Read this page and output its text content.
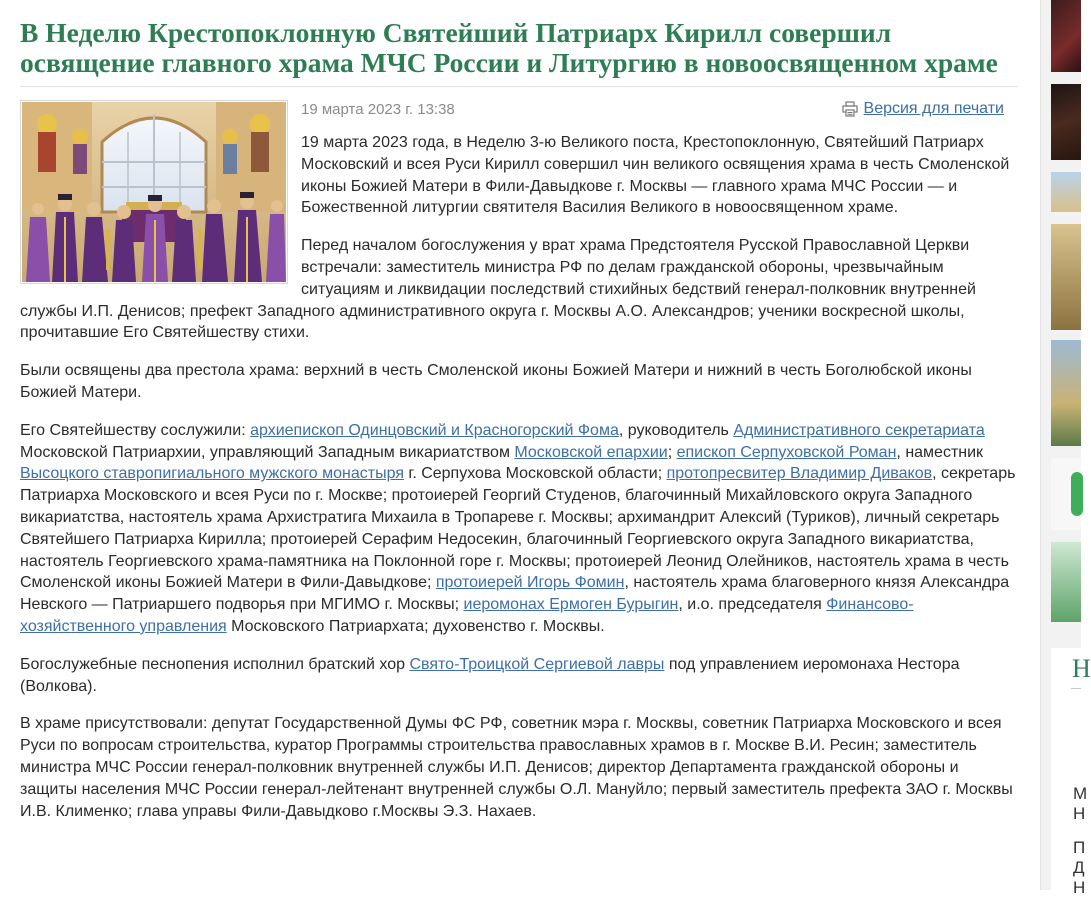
В Неделю Крестопоклонную Святейший Патриарх Кирилл совершил освящение главного храма МЧС России и Литургию в новоосвященном храме
19 марта 2023 г. 13:38	Версия для печати

19 марта 2023 года, в Неделю 3-ю Великого поста, Крестопоклонную, Святейший Патриарх Московский и всея Руси Кирилл совершил чин великого освящения храма в честь Смоленской иконы Божией Матери в Фили-Давыдкове г. Москвы — главного храма МЧС России — и Божественной литургии святителя Василия Великого в новоосвященном храме.

Перед началом богослужения у врат храма Предстоятеля Русской Православной Церкви встречали: заместитель министра РФ по делам гражданской обороны, чрезвычайным ситуациям и ликвидации последствий стихийных бедствий генерал-полковник внутренней службы И.П. Денисов; префект Западного административного округа г. Москвы А.О. Александров; ученики воскресной школы, прочитавшие Его Святейшеству стихи.

Были освящены два престола храма: верхний в честь Смоленской иконы Божией Матери и нижний в честь Боголюбской иконы Божией Матери.

Его Святейшеству сослужили: архиепископ Одинцовский и Красногорский Фома, руководитель Административного секретариата Московской Патриархии, управляющий Западным викариатством Московской епархии; епископ Серпуховской Роман, наместник Высоцкого ставропигиального мужского монастыря г. Серпухова Московской области; протопресвитер Владимир Диваков, секретарь Патриарха Московского и всея Руси по г. Москве; протоиерей Георгий Студенов, благочинный Михайловского округа Западного викариатства, настоятель храма Архистратига Михаила в Тропареве г. Москвы; архимандрит Алексий (Туриков), личный секретарь Святейшего Патриарха Кирилла; протоиерей Серафим Недосекин, благочинный Георгиевского округа Западного викариатства, настоятель Георгиевского храма-памятника на Поклонной горе г. Москвы; протоиерей Леонид Олейников, настоятель храма в честь Смоленской иконы Божией Матери в Фили-Давыдкове; протоиерей Игорь Фомин, настоятель храма благоверного князя Александра Невского — Патриаршего подворья при МГИМО г. Москвы; иеромонах Ермоген Бурыгин, и.о. председателя Финансово-хозяйственного управления Московского Патриархата; духовенство г. Москвы.

Богослужебные песнопения исполнил братский хор Свято-Троицкой Сергиевой лавры под управлением иеромонаха Нестора (Волкова).

В храме присутствовали: депутат Государственной Думы ФС РФ, советник мэра г. Москвы, советник Патриарха Московского и всея Руси по вопросам строительства, куратор Программы строительства православных храмов в г. Москве В.И. Ресин; заместитель министра МЧС России генерал-полковник внутренней службы И.П. Денисов; директор Департамента гражданской обороны и защиты населения МЧС России генерал-лейтенант внутренней службы О.Л. Мануйло; первый заместитель префекта ЗАО г. Москвы И.В. Клименко; глава управы Фили-Давыдково г.Москвы Э.З. Нахаев.

Н
М
Н
П
Д
Н
